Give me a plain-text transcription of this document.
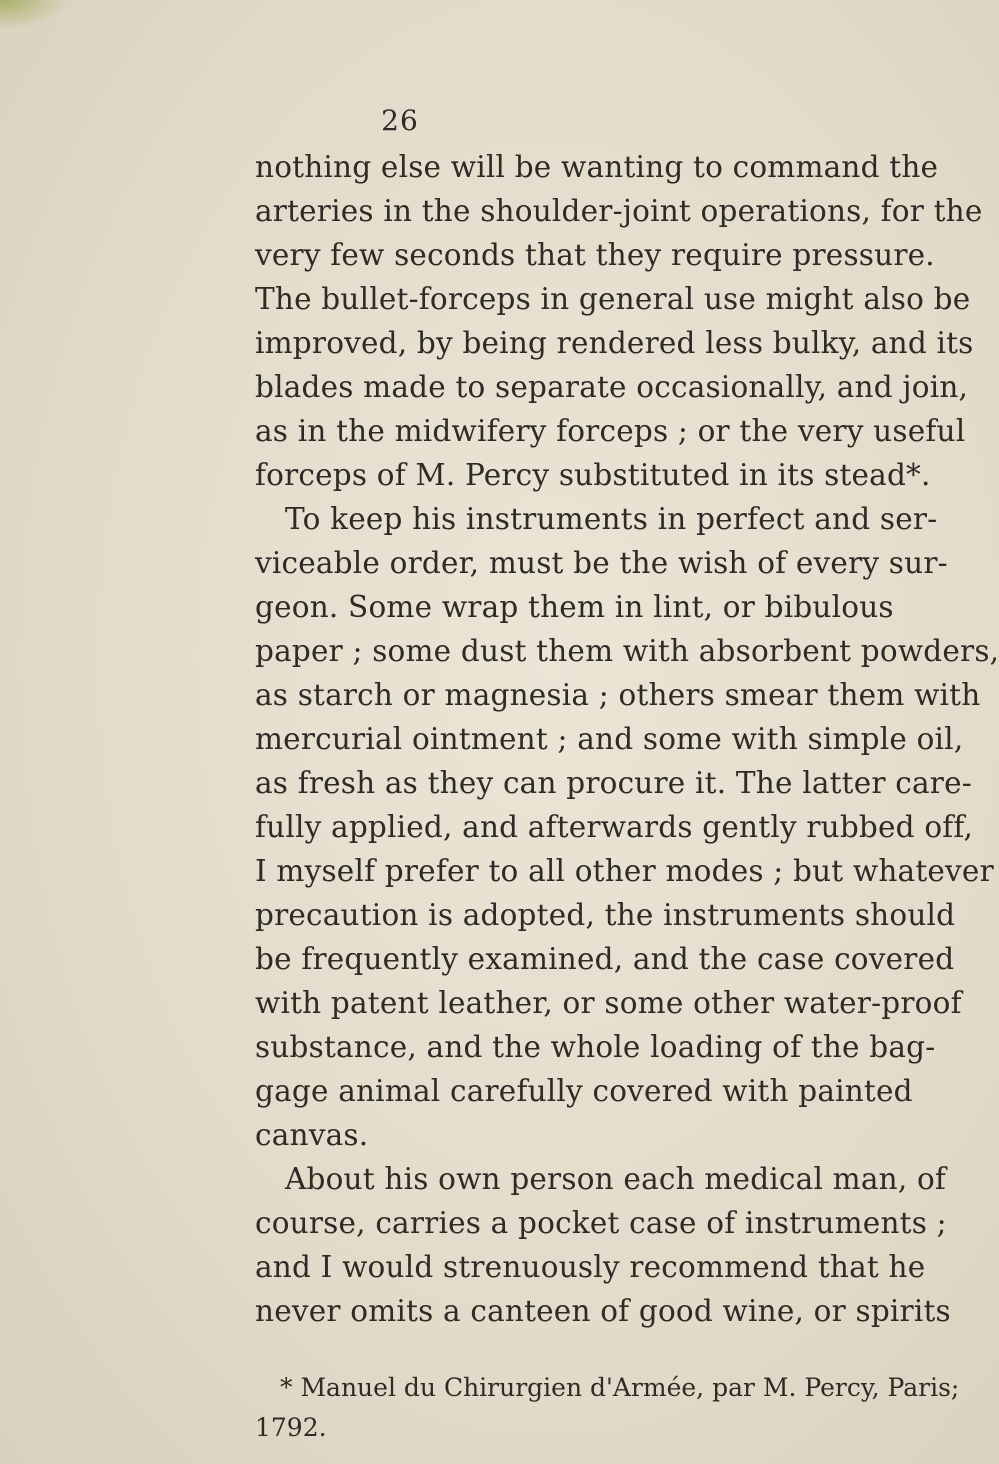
26
nothing else will be wanting to command the
arteries in the shoulder-joint operations, for the
very few seconds that they require pressure.
The bullet-forceps in general use might also be
improved, by being rendered less bulky, and its
blades made to separate occasionally, and join,
as in the midwifery forceps ; or the very useful
forceps of M. Percy substituted in its stead*.
To keep his instruments in perfect and ser-
viceable order, must be the wish of every sur-
geon. Some wrap them in lint, or bibulous
paper ; some dust them with absorbent powders,
as starch or magnesia ; others smear them with
mercurial ointment ; and some with simple oil,
as fresh as they can procure it. The latter care-
fully applied, and afterwards gently rubbed off,
I myself prefer to all other modes ; but whatever
precaution is adopted, the instruments should
be frequently examined, and the case covered
with patent leather, or some other water-proof
substance, and the whole loading of the bag-
gage animal carefully covered with painted
canvas.
About his own person each medical man, of
course, carries a pocket case of instruments ;
and I would strenuously recommend that he
never omits a canteen of good wine, or spirits
* Manuel du Chirurgien d'Armée, par M. Percy, Paris;
1792.
